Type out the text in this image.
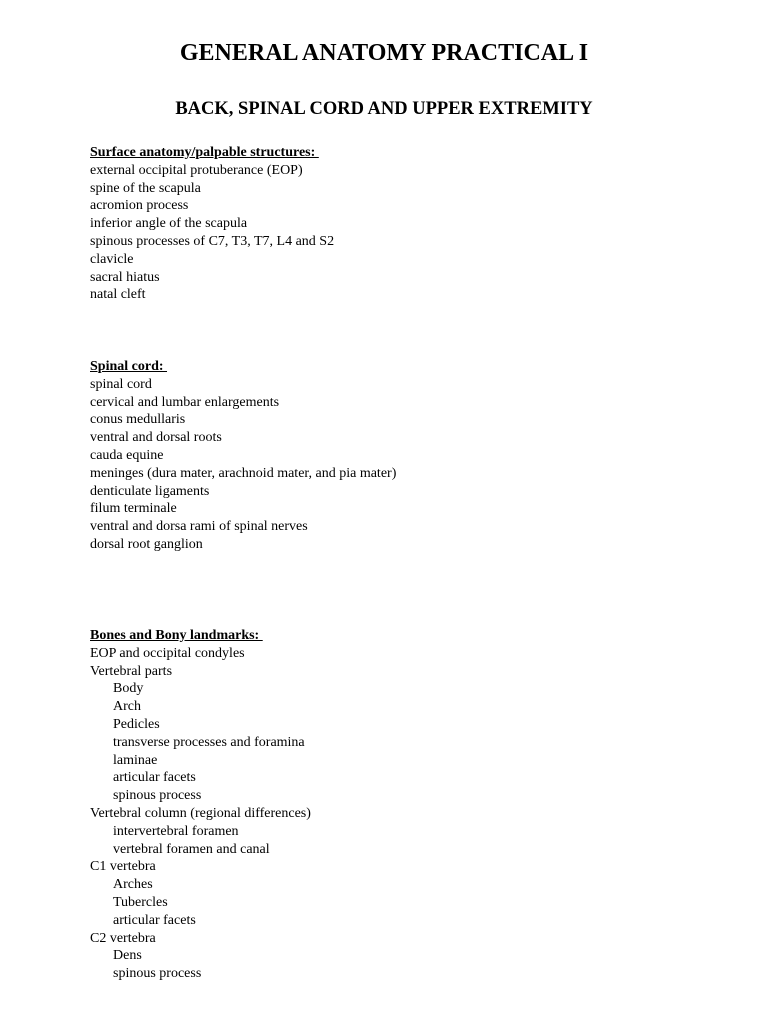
GENERAL ANATOMY PRACTICAL I
BACK, SPINAL CORD AND UPPER EXTREMITY
Surface anatomy/palpable structures:
external occipital protuberance (EOP)
spine of the scapula
acromion process
inferior angle of the scapula
spinous processes of C7, T3, T7, L4 and S2
clavicle
sacral hiatus
natal cleft
Spinal cord:
spinal cord
cervical and lumbar enlargements
conus medullaris
ventral and dorsal roots
cauda equine
meninges (dura mater, arachnoid mater, and pia mater)
denticulate ligaments
filum terminale
ventral and dorsa rami of spinal nerves
dorsal root ganglion
Bones and Bony landmarks:
EOP and occipital condyles
Vertebral parts
Body
Arch
Pedicles
transverse processes and foramina
laminae
articular facets
spinous process
Vertebral column (regional differences)
intervertebral foramen
vertebral foramen and canal
C1 vertebra
Arches
Tubercles
articular facets
C2 vertebra
Dens
spinous process
